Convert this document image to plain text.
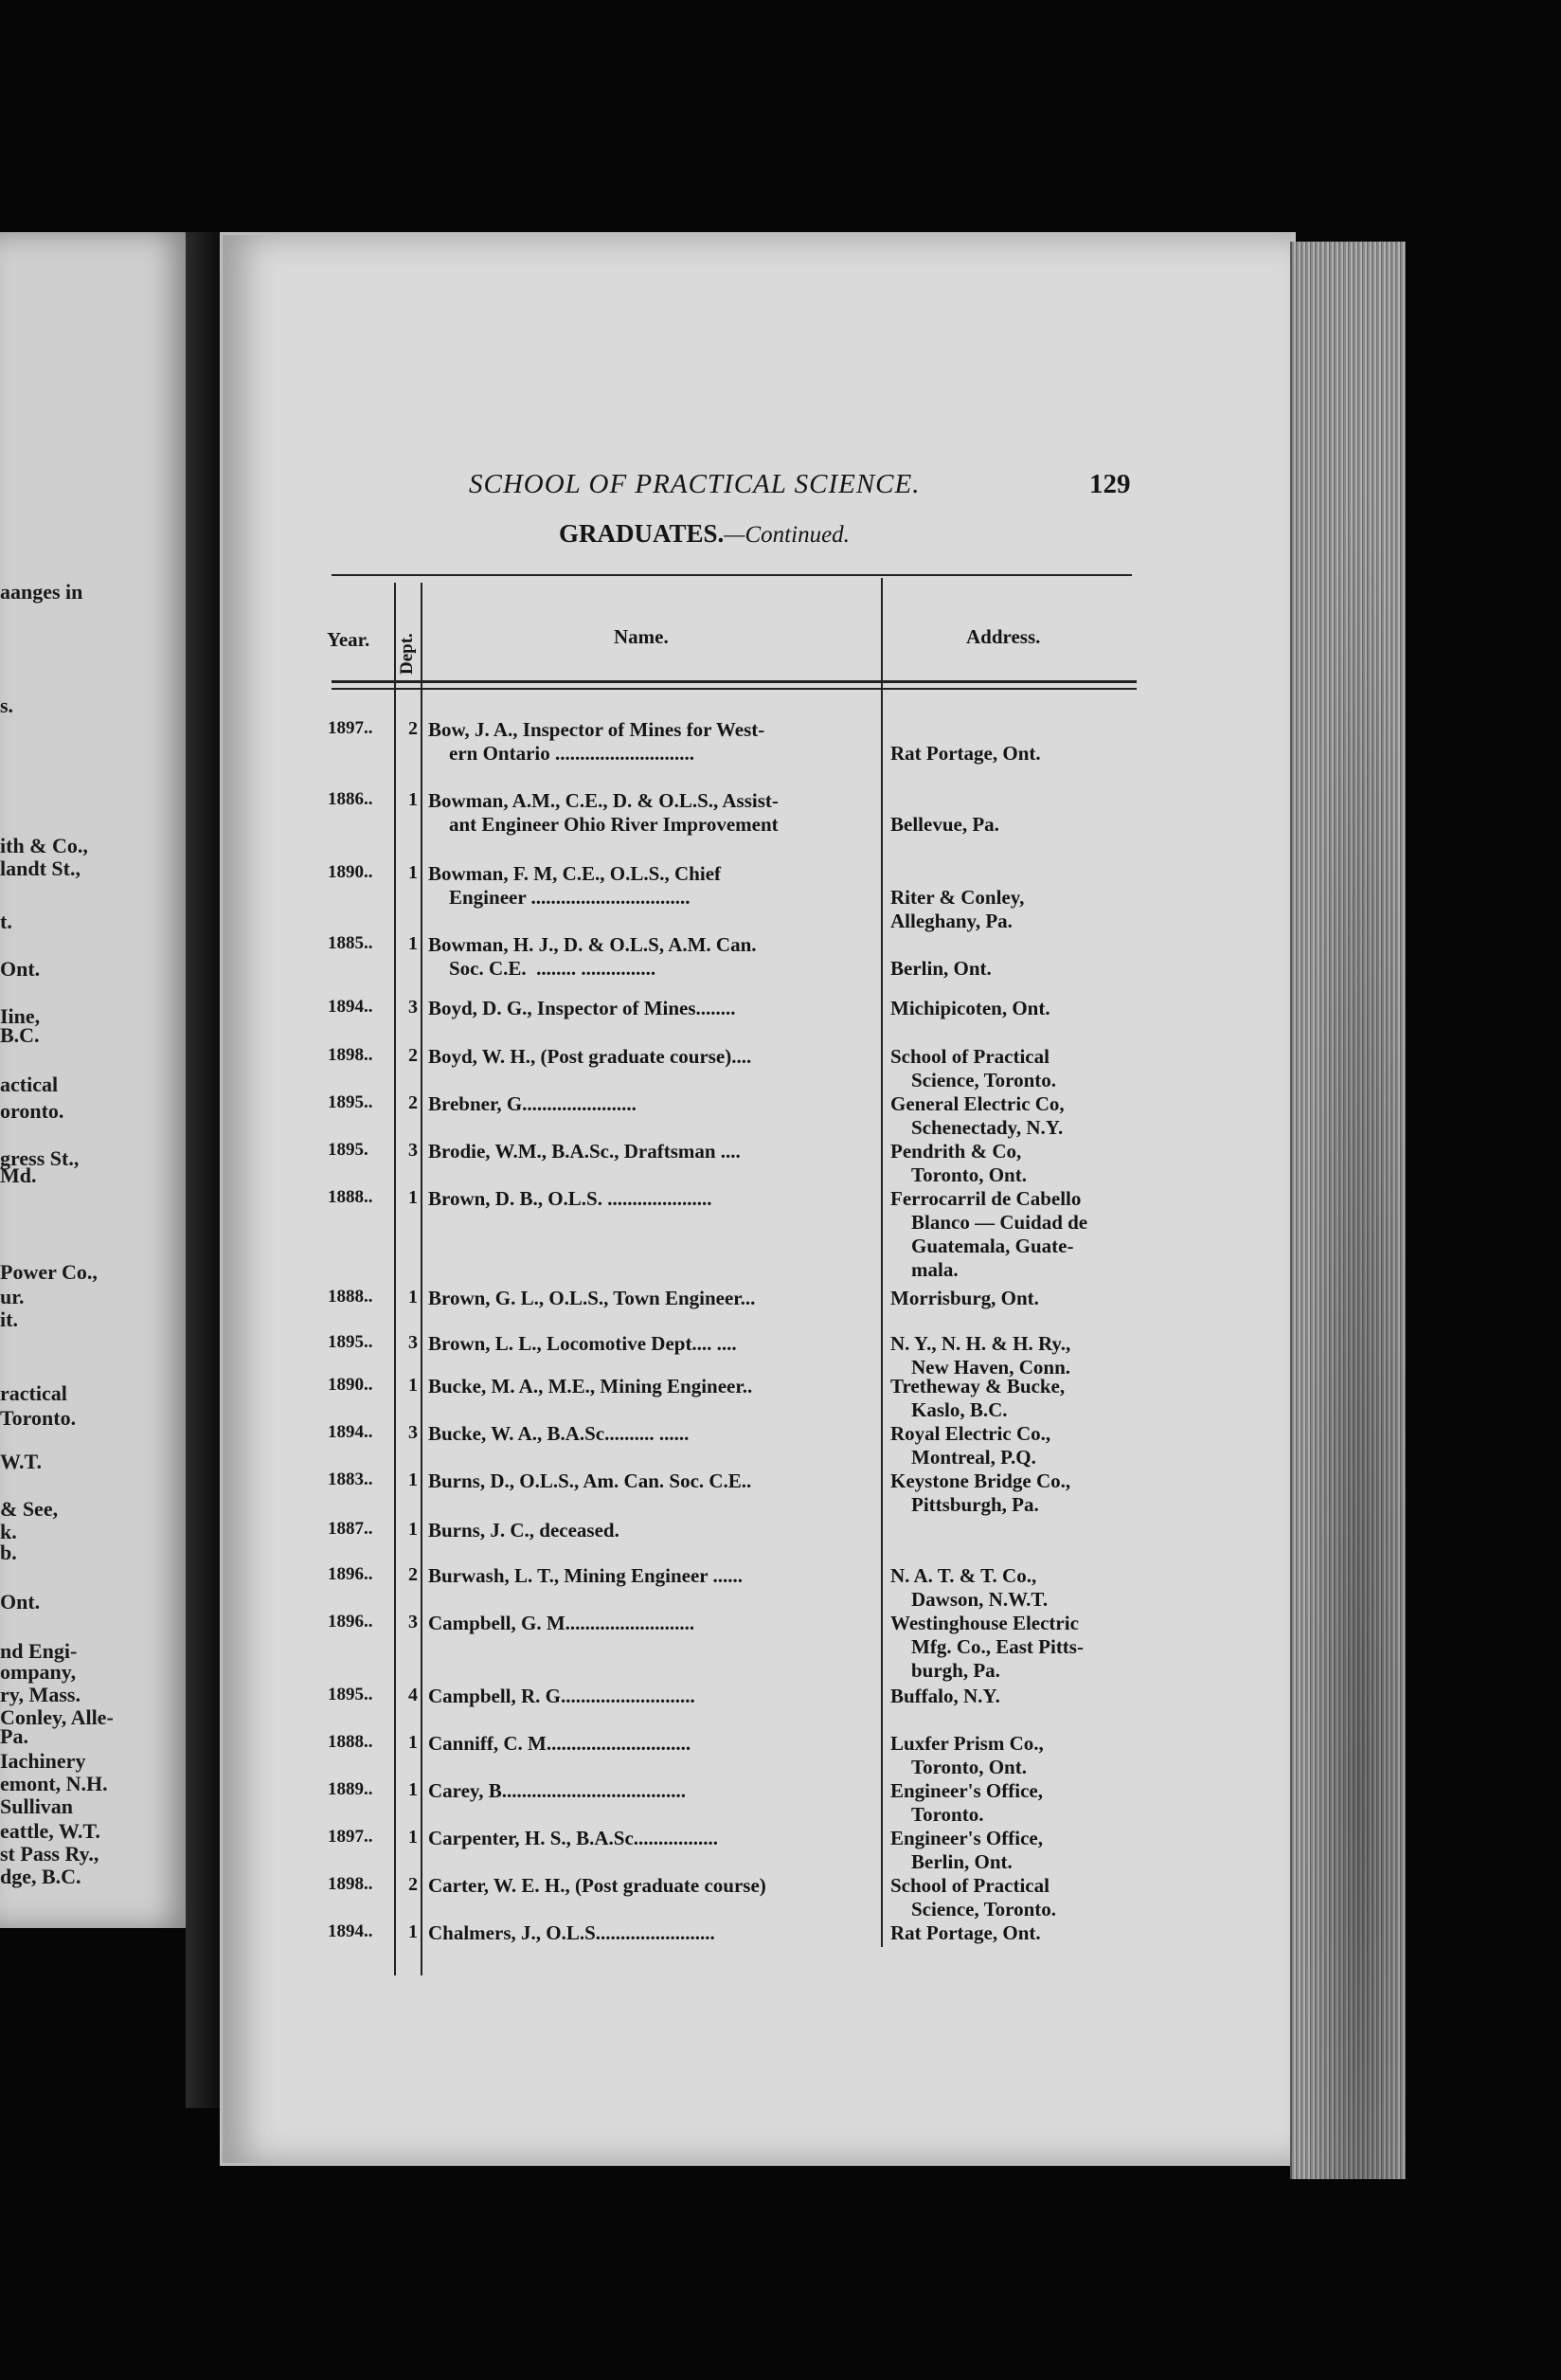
aanges in
s.
ith & Co.,
landt St.,
t.
Ont.
Iine,
B.C.
actical
oronto.
gress St.,
Md.
Power Co.,
ur.
it.
ractical
Toronto.
W.T.
& See,
k.
b.
Ont.
nd Engi-
ompany,
ry, Mass.
Conley, Alle-
Pa.
Iachinery
emont, N.H.
Sullivan
eattle, W.T.
st Pass Ry.,
dge, B.C.
SCHOOL OF PRACTICAL SCIENCE.	129
GRADUATES.—Continued.
Year. Dept.	Name.	Address.
1897.. 2 Bow, J. A., Inspector of Mines for West-
ern Ontario ............................	Rat Portage, Ont.
1886.. 1 Bowman, A.M., C.E., D. & O.L.S., Assist-
ant Engineer Ohio River Improvement	Bellevue, Pa.
1890.. 1 Bowman, F. M, C.E., O.L.S., Chief
Engineer ................................	Riter & Conley,
Alleghany, Pa.
1885.. 1 Bowman, H. J., D. & O.L.S, A.M. Can.
Soc. C.E.  ........ ...............	Berlin, Ont.
1894.. 3 Boyd, D. G., Inspector of Mines........	Michipicoten, Ont.
1898.. 2 Boyd, W. H., (Post graduate course)....	School of Practical
Science, Toronto.
1895.. 2 Brebner, G.......................	General Electric Co,
Schenectady, N.Y.
1895. 3 Brodie, W.M., B.A.Sc., Draftsman ....	Pendrith & Co,
Toronto, Ont.
1888.. 1 Brown, D. B., O.L.S. .....................	Ferrocarril de Cabello
Blanco — Cuidad de
Guatemala, Guate-
mala.
1888.. 1 Brown, G. L., O.L.S., Town Engineer...	Morrisburg, Ont.
1895.. 3 Brown, L. L., Locomotive Dept.... ....	N. Y., N. H. & H. Ry.,
New Haven, Conn.
1890.. 1 Bucke, M. A., M.E., Mining Engineer..	Tretheway & Bucke,
Kaslo, B.C.
1894.. 3 Bucke, W. A., B.A.Sc.......... ......	Royal Electric Co.,
Montreal, P.Q.
1883.. 1 Burns, D., O.L.S., Am. Can. Soc. C.E..	Keystone Bridge Co.,
Pittsburgh, Pa.
1887.. 1 Burns, J. C., deceased.
1896.. 2 Burwash, L. T., Mining Engineer ......	N. A. T. & T. Co.,
Dawson, N.W.T.
1896.. 3 Campbell, G. M..........................	Westinghouse Electric
Mfg. Co., East Pitts-
burgh, Pa.
1895.. 4 Campbell, R. G...........................	Buffalo, N.Y.
1888.. 1 Canniff, C. M.............................	Luxfer Prism Co.,
Toronto, Ont.
1889.. 1 Carey, B.....................................	Engineer's Office,
Toronto.
1897.. 1 Carpenter, H. S., B.A.Sc.................	Engineer's Office,
Berlin, Ont.
1898.. 2 Carter, W. E. H., (Post graduate course)	School of Practical
Science, Toronto.
1894.. 1 Chalmers, J., O.L.S........................	Rat Portage, Ont.
